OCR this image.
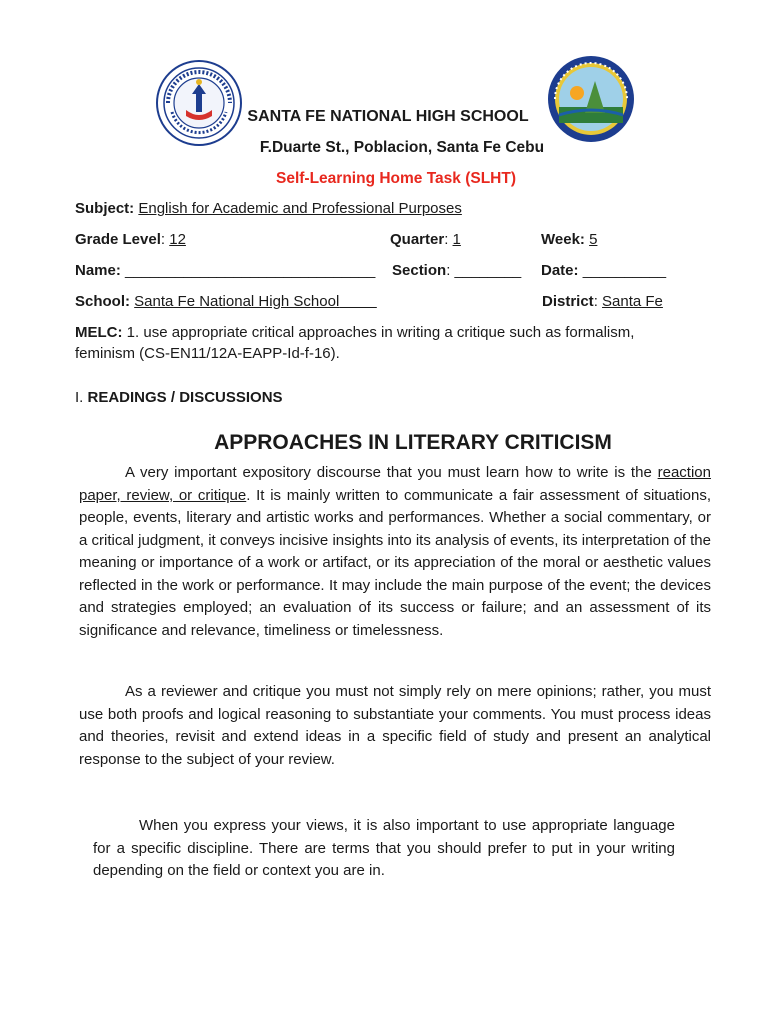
SANTA FE NATIONAL HIGH SCHOOL
F.Duarte St., Poblacion, Santa Fe Cebu
Self-Learning Home Task (SLHT)
Subject: English for Academic and Professional Purposes
Grade Level: 12	Quarter: 1	Week: 5
Name: ______________________________ Section: ________ Date: __________
School: Santa Fe National High School	District: Santa Fe
MELC: 1. use appropriate critical approaches in writing a critique such as formalism,
feminism (CS-EN11/12A-EAPP-Id-f-16).
I. READINGS / DISCUSSIONS
APPROACHES IN LITERARY CRITICISM

A very important expository discourse that you must learn how to write is the reaction paper, review, or critique. It is mainly written to communicate a fair assessment of situations, people, events, literary and artistic works and performances. Whether a social commentary, or a critical judgment, it conveys incisive insights into its analysis of events, its interpretation of the meaning or importance of a work or artifact, or its appreciation of the moral or aesthetic values reflected in the work or performance. It may include the main purpose of the event; the devices and strategies employed; an evaluation of its success or failure; and an assessment of its significance and relevance, timeliness or timelessness.

As a reviewer and critique you must not simply rely on mere opinions; rather, you must use both proofs and logical reasoning to substantiate your comments. You must process ideas and theories, revisit and extend ideas in a specific field of study and present an analytical response to the subject of your review.

When you express your views, it is also important to use appropriate language for a specific discipline. There are terms that you should prefer to put in your writing depending on the field or context you are in.
